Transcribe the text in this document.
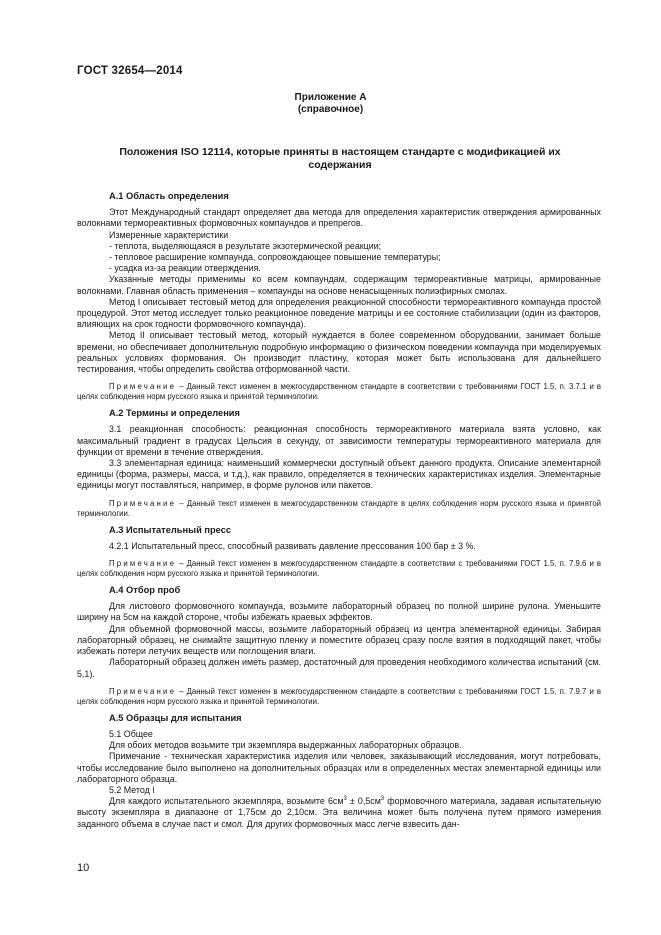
ГОСТ 32654—2014
Приложение А
(справочное)
Положения ISO 12114, которые приняты в настоящем стандарте с модификацией их содержания
А.1 Область определения

Этот Международный стандарт определяет два метода для определения характеристик отверждения армированных волокнами термореактивных формовочных компаундов и препрегов.

Измеренные характеристики

- теплота, выделяющаяся в результате экзотермической реакции;

- тепловое расширение компаунда, сопровождающее повышение температуры;

- усадка из-за реакции отверждения.

Указанные методы применимы ко всем компаундам, содержащим термореактивные матрицы, армированные волокнами. Главная область применения – компаунды на основе ненасыщенных полиэфирных смолах.

Метод I описывает тестовый метод для определения реакционной способности термореактивного компаунда простой процедурой. Этот метод исследует только реакционное поведение матрицы и ее состояние стабилизации (один из факторов, влияющих на срок годности формовочного компаунда).

Метод II описывает тестовый метод, который нуждается в более современном оборудовании, занимает больше времени, но обеспечивает дополнительную подробную информацию о физическом поведении компаунда при моделируемых реальных условиях формования. Он производит пластину, которая может быть использована для дальнейшего тестирования, чтобы определить свойства отформованной части.

Примечание – Данный текст изменен в межгосударственном стандарте в соответствии с требованиями ГОСТ 1.5, п. 3.7.1 и в целях соблюдения норм русского языка и принятой терминологии.

А.2 Термины и определения

3.1 реакционная способность: реакционная способность термореактивного материала взята условно, как максимальный градиент в градусах Цельсия в секунду, от зависимости температуры термореактивного материала для функции от времени в течение отверждения.

3.3 элементарная единица: наименьший коммерчески доступный объект данного продукта. Описание элементарной единицы (форма, размеры, масса, и т.д.), как правило, определяется в технических характеристиках изделия. Элементарные единицы могут поставляться, например, в форме рулонов или пакетов.

Примечание – Данный текст изменен в межгосударственном стандарте в целях соблюдения норм русского языка и принятой терминологии.

А.3 Испытательный пресс

4.2.1 Испытательный пресс, способный развивать давление прессования 100 бар ± 3 %.

Примечание – Данный текст изменен в межгосударственном стандарте в соответствии с требованиями ГОСТ 1.5, п. 7.9.6 и в целях соблюдения норм русского языка и принятой терминологии.

А.4 Отбор проб

Для листового формовочного компаунда, возьмите лабораторный образец по полной ширине рулона. Уменьшите ширину на 5см на каждой стороне, чтобы избежать краевых эффектов.

Для объемной формовочной массы, возьмите лабораторный образец из центра элементарной единицы. Забирая лабораторный образец, не снимайте защитную пленку и поместите образец сразу после взятия в подходящий пакет, чтобы избежать потери летучих веществ или поглощения влаги.

Лабораторный образец должен иметь размер, достаточный для проведения необходимого количества испытаний (см. 5.1).

Примечание – Данный текст изменен в межгосударственном стандарте в соответствии с требованиями ГОСТ 1.5, п. 7.9.7 и в целях соблюдения норм русского языка и принятой терминологии.

А.5 Образцы для испытания

5.1 Общее

Для обоих методов возьмите три экземпляра выдержанных лабораторных образцов.

Примечание - техническая характеристика изделия или человек, заказывающий исследования, могут потребовать, чтобы исследование было выполнено на дополнительных образцах или в определенных местах элементарной единицы или лабораторного образца.

5.2 Метод I

Для каждого испытательного экземпляра, возьмите $6см^3 \pm 0,5см^3$ формовочного материала, задавая испытательную высоту экземпляра в диапазоне от 1,75см до 2,10см. Эта величина может быть получена путем прямого измерения заданного объема в случае паст и смол. Для других формовочных масс легче взвесить дан-

10
